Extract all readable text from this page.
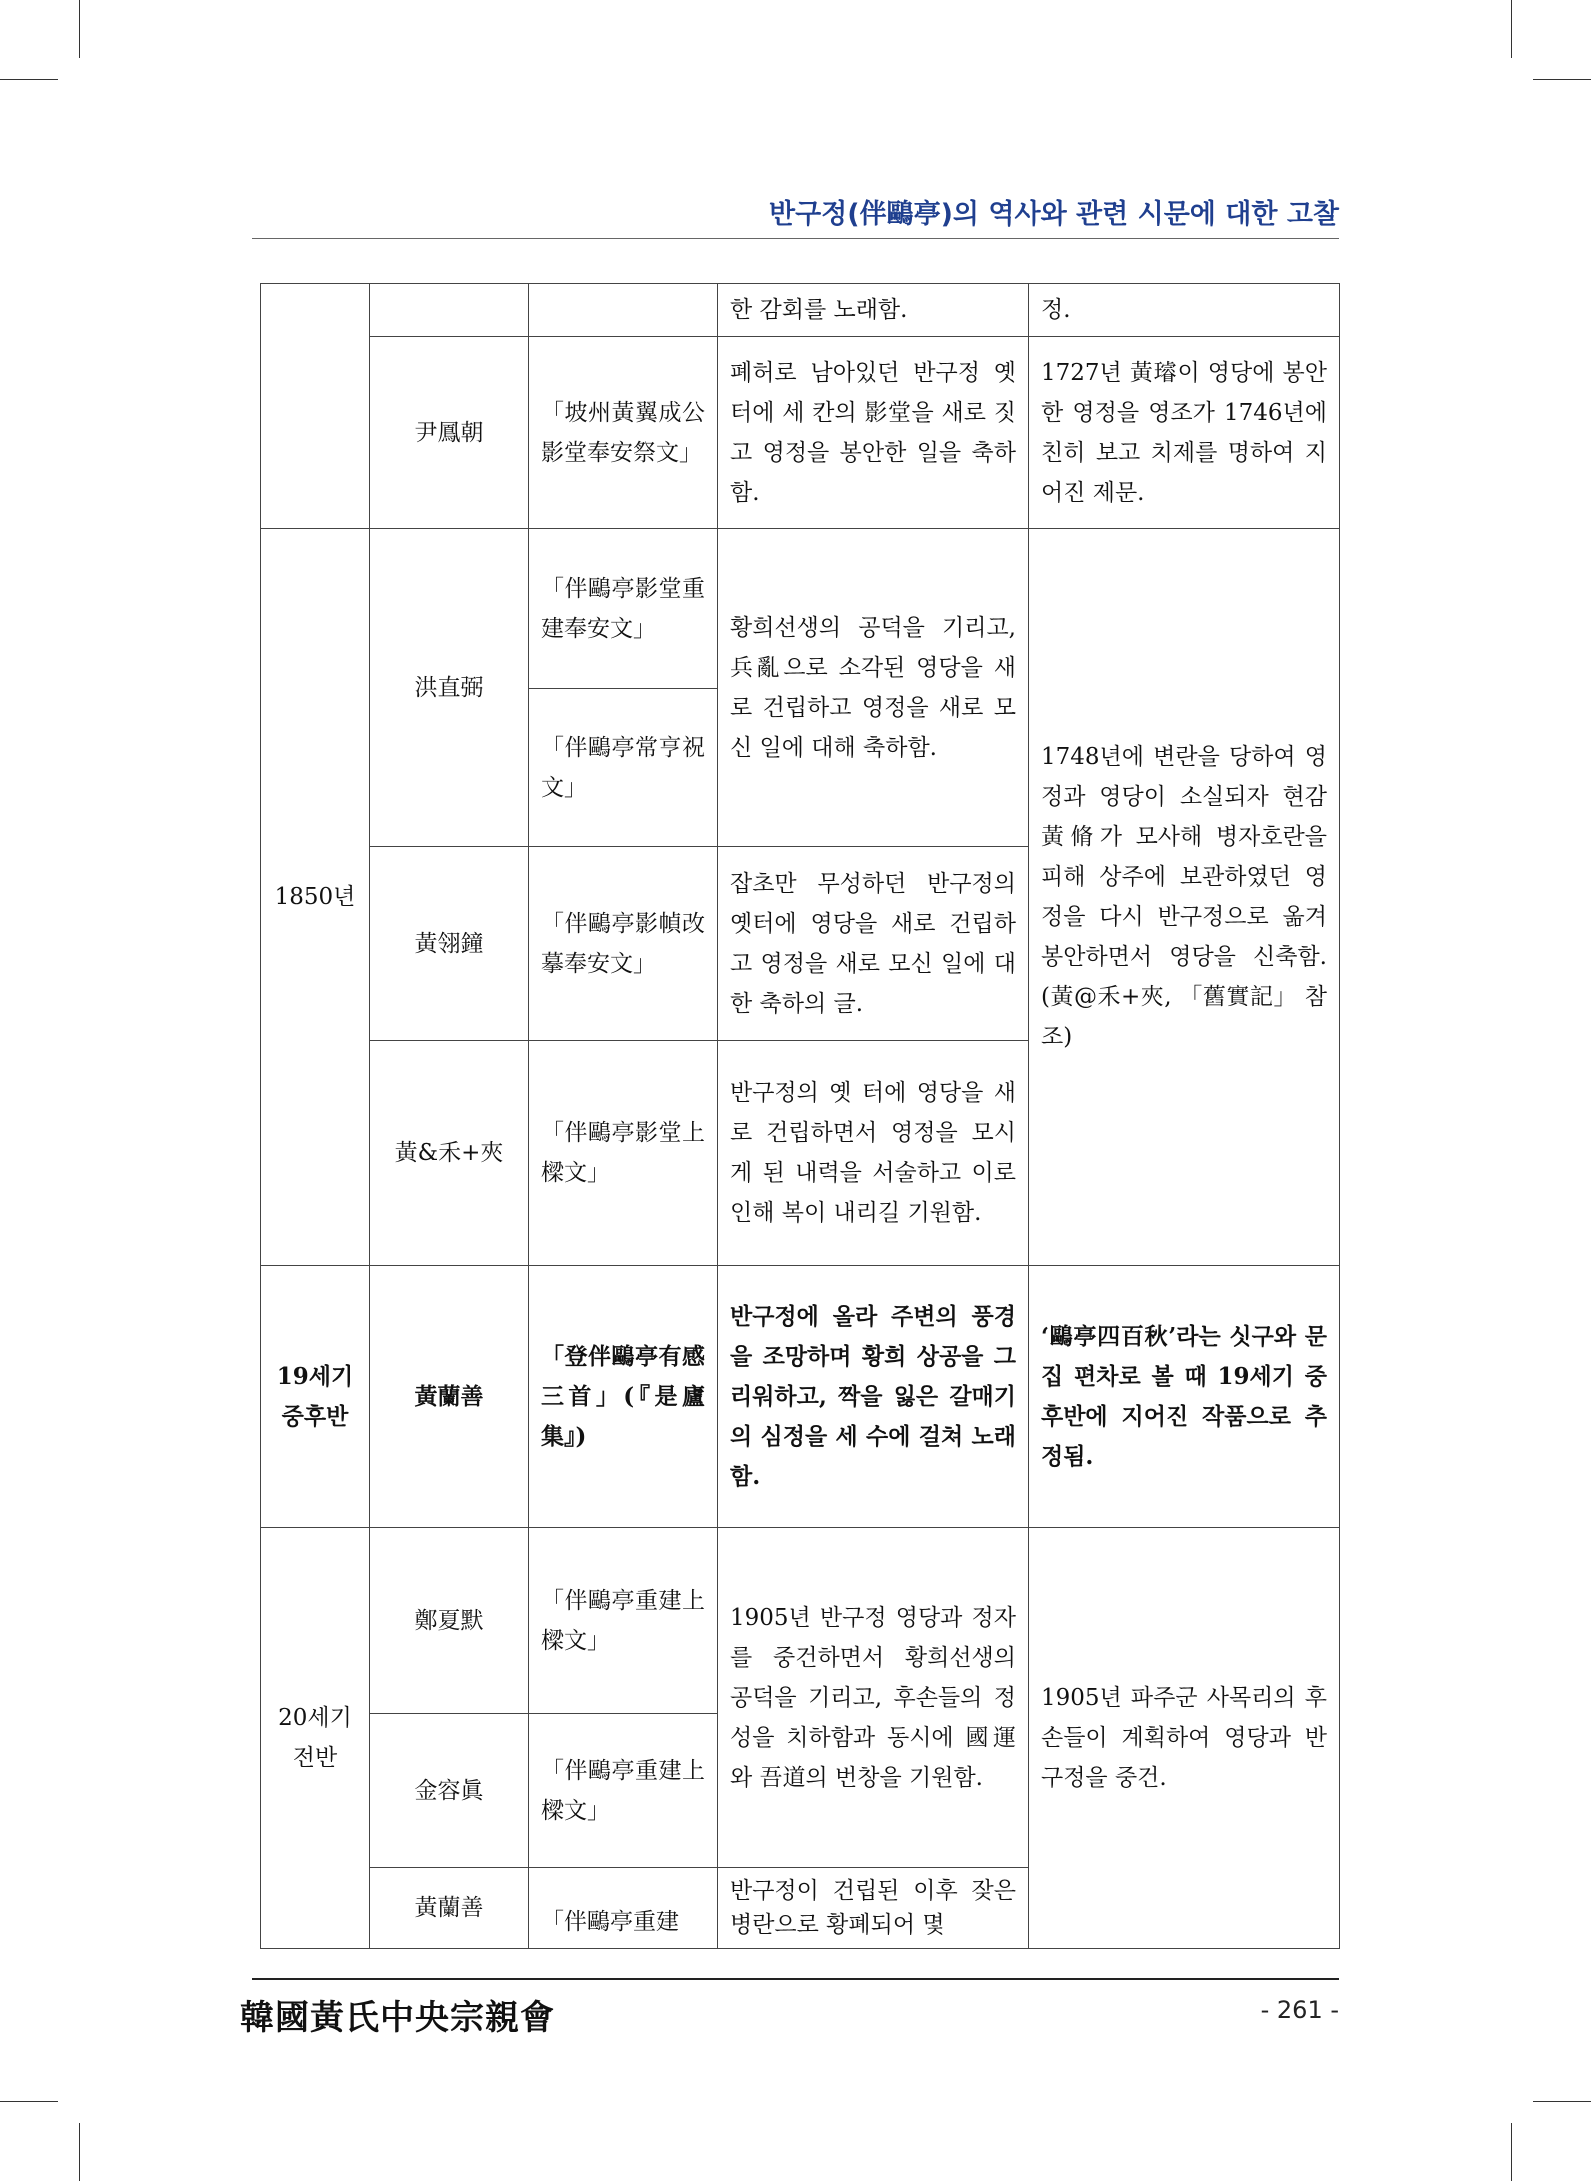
반구정(伴鷗亭)의 역사와 관련 시문에 대한 고찰
			한 감회를 노래함.	정.
	尹鳳朝	「坡州黃翼成公影堂奉安祭文」	폐허로 남아있던 반구정 옛 터에 세 칸의 影堂을 새로 짓고 영정을 봉안한 일을 축하함.	1727년 黃璿이 영당에 봉안한 영정을 영조가 1746년에 친히 보고 치제를 명하여 지어진 제문.
1850년	洪直弼	「伴鷗亭影堂重建奉安文」	황희선생의 공덕을 기리고, 兵亂으로 소각된 영당을 새로 건립하고 영정을 새로 모신 일에 대해 축하함.	1748년에 변란을 당하여 영정과 영당이 소실되자 현감 黃脩가 모사해 병자호란을 피해 상주에 보관하였던 영정을 다시 반구정으로 옮겨 봉안하면서 영당을 신축함.(黃@禾+夾, 「舊實記」 참조)
		「伴鷗亭常亨祝文」		
	黃翎鐘	「伴鷗亭影幀改摹奉安文」	잡초만 무성하던 반구정의 옛터에 영당을 새로 건립하고 영정을 새로 모신 일에 대한 축하의 글.	
	黃&禾+夾	「伴鷗亭影堂上樑文」	반구정의 옛 터에 영당을 새로 건립하면서 영정을 모시게 된 내력을 서술하고 이로 인해 복이 내리길 기원함.	
19세기 중후반	黃蘭善	「登伴鷗亭有感三首」(『是廬集』)	반구정에 올라 주변의 풍경을 조망하며 황희 상공을 그리워하고, 짝을 잃은 갈매기의 심정을 세 수에 걸쳐 노래함.	‘鷗亭四百秋’라는 싯구와 문집 편차로 볼 때 19세기 중후반에 지어진 작품으로 추정됨.
20세기 전반	鄭夏默	「伴鷗亭重建上樑文」	1905년 반구정 영당과 정자를 중건하면서 황희선생의 공덕을 기리고, 후손들의 정성을 치하함과 동시에 國運와 吾道의 번창을 기원함.	1905년 파주군 사목리의 후손들이 계획하여 영당과 반구정을 중건.
	金容眞	「伴鷗亭重建上樑文」		
	黃蘭善	「伴鷗亭重建	반구정이 건립된 이후 잦은 병란으로 황폐되어 몇	
韓國黃氏中央宗親會	- 261 -
